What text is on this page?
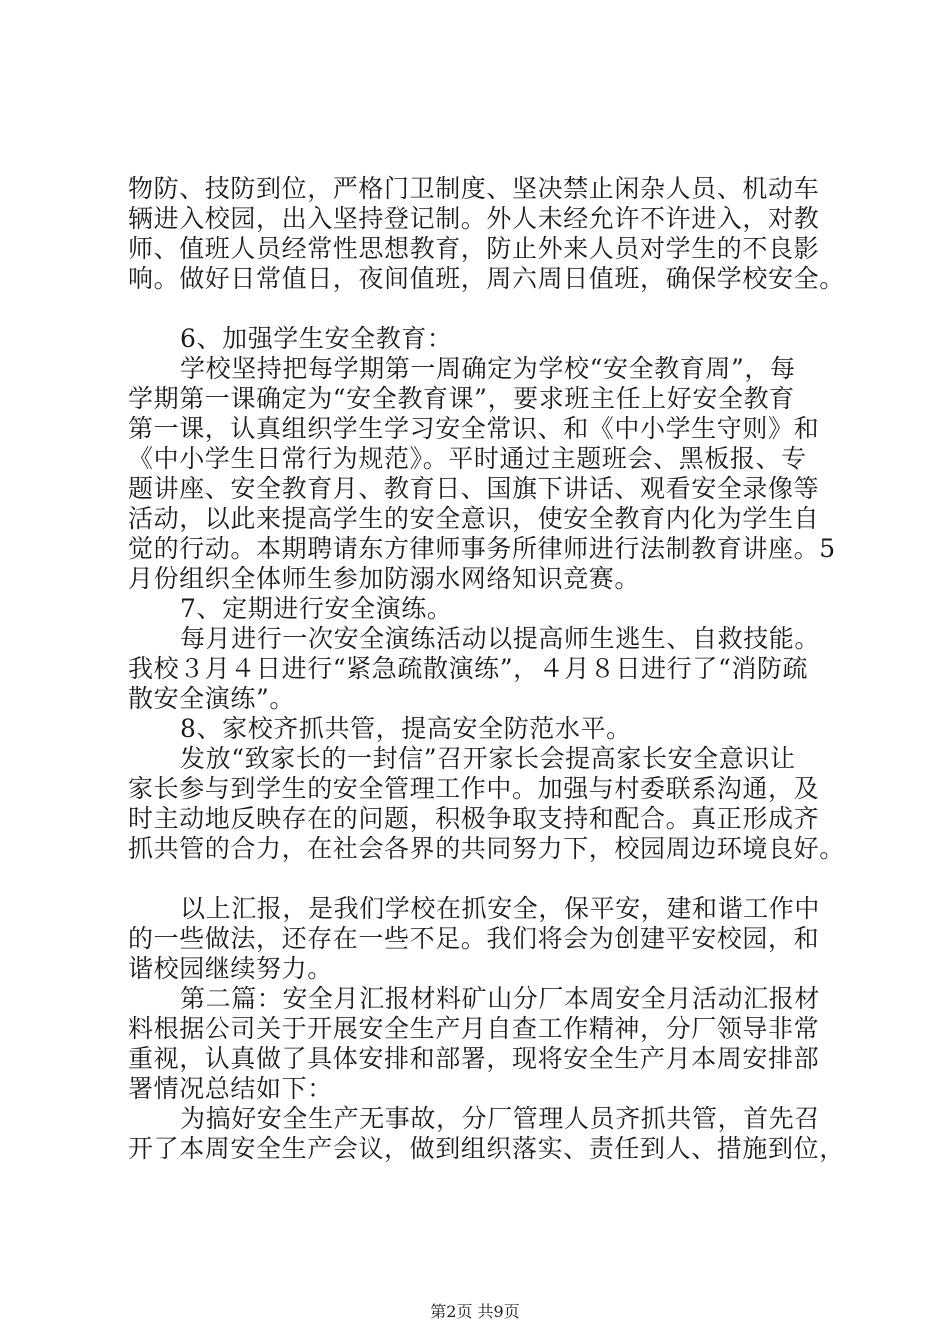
物防、技防到位，严格门卫制度、坚决禁止闲杂人员、机动车
辆进入校园，出入坚持登记制。外人未经允许不许进入，对教
师、值班人员经常性思想教育，防止外来人员对学生的不良影
响。做好日常值日，夜间值班，周六周日值班，确保学校安全。
6、加强学生安全教育：
学校坚持把每学期第一周确定为学校“安全教育周”，每
学期第一课确定为“安全教育课”，要求班主任上好安全教育
第一课，认真组织学生学习安全常识、和《中小学生守则》和
《中小学生日常行为规范》。平时通过主题班会、黑板报、专
题讲座、安全教育月、教育日、国旗下讲话、观看安全录像等
活动，以此来提高学生的安全意识，使安全教育内化为学生自
觉的行动。本期聘请东方律师事务所律师进行法制教育讲座。5
月份组织全体师生参加防溺水网络知识竞赛。
7、定期进行安全演练。
每月进行一次安全演练活动以提高师生逃生、自救技能。
我校３月４日进行“紧急疏散演练”，４月８日进行了“消防疏
散安全演练”。
8、家校齐抓共管，提高安全防范水平。
发放“致家长的一封信”召开家长会提高家长安全意识让
家长参与到学生的安全管理工作中。加强与村委联系沟通，及
时主动地反映存在的问题，积极争取支持和配合。真正形成齐
抓共管的合力，在社会各界的共同努力下，校园周边环境良好。
以上汇报，是我们学校在抓安全，保平安，建和谐工作中
的一些做法，还存在一些不足。我们将会为创建平安校园，和
谐校园继续努力。
第二篇：安全月汇报材料矿山分厂本周安全月活动汇报材
料根据公司关于开展安全生产月自查工作精神，分厂领导非常
重视，认真做了具体安排和部署，现将安全生产月本周安排部
署情况总结如下：
为搞好安全生产无事故，分厂管理人员齐抓共管，首先召
开了本周安全生产会议，做到组织落实、责任到人、措施到位，
第2页 共9页
